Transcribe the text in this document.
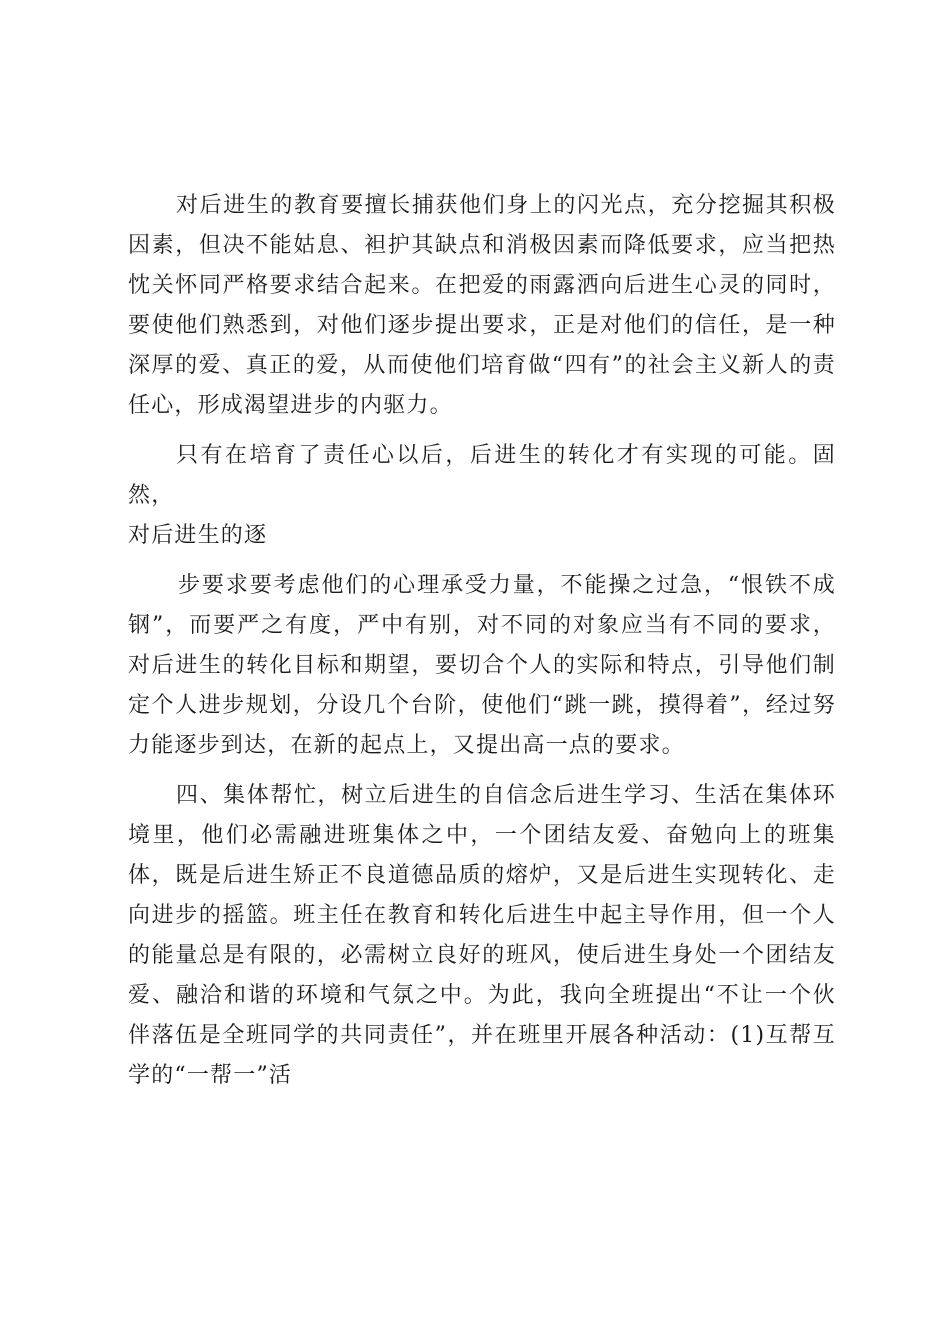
对后进生的教育要擅长捕获他们身上的闪光点，充分挖掘其积极因素，但决不能姑息、袒护其缺点和消极因素而降低要求，应当把热忱关怀同严格要求结合起来。在把爱的雨露洒向后进生心灵的同时，要使他们熟悉到，对他们逐步提出要求，正是对他们的信任，是一种深厚的爱、真正的爱，从而使他们培育做“四有”的社会主义新人的责任心，形成渴望进步的内驱力。

只有在培育了责任心以后，后进生的转化才有实现的可能。固然，

对后进生的逐

步要求要考虑他们的心理承受力量，不能操之过急，“恨铁不成钢”，而要严之有度，严中有别，对不同的对象应当有不同的要求，对后进生的转化目标和期望，要切合个人的实际和特点，引导他们制定个人进步规划，分设几个台阶，使他们“跳一跳，摸得着”，经过努力能逐步到达，在新的起点上，又提出高一点的要求。

四、集体帮忙，树立后进生的自信念后进生学习、生活在集体环境里，他们必需融进班集体之中，一个团结友爱、奋勉向上的班集体，既是后进生矫正不良道德品质的熔炉，又是后进生实现转化、走向进步的摇篮。班主任在教育和转化后进生中起主导作用，但一个人的能量总是有限的，必需树立良好的班风，使后进生身处一个团结友爱、融洽和谐的环境和气氛之中。为此，我向全班提出“不让一个伙伴落伍是全班同学的共同责任”，并在班里开展各种活动：(1)互帮互学的“一帮一”活
